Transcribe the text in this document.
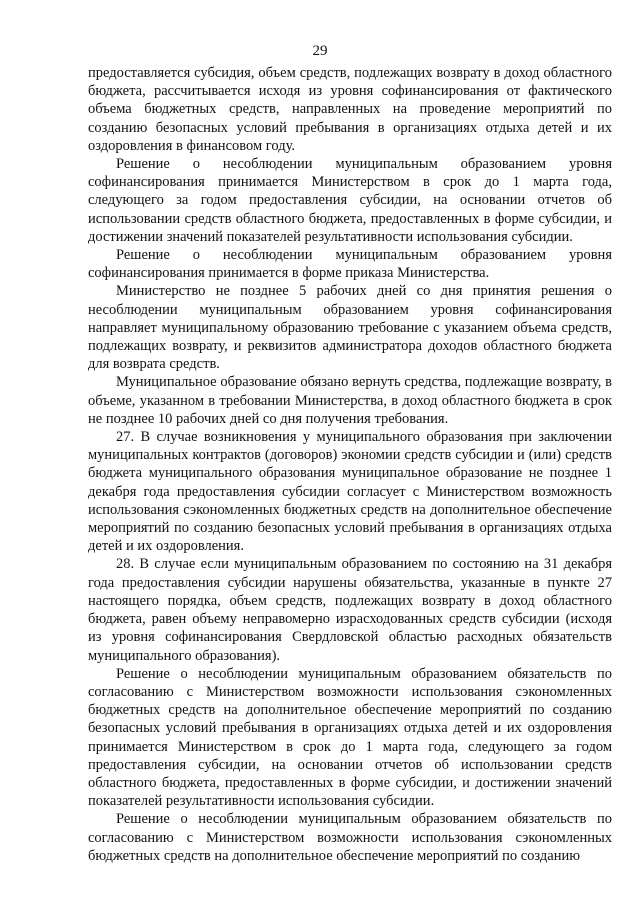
29

предоставляется субсидия, объем средств, подлежащих возврату в доход областного бюджета, рассчитывается исходя из уровня софинансирования от фактического объема бюджетных средств, направленных на проведение мероприятий по созданию безопасных условий пребывания в организациях отдыха детей и их оздоровления в финансовом году.

Решение о несоблюдении муниципальным образованием уровня софинансирования принимается Министерством в срок до 1 марта года, следующего за годом предоставления субсидии, на основании отчетов об использовании средств областного бюджета, предоставленных в форме субсидии, и достижении значений показателей результативности использования субсидии.

Решение о несоблюдении муниципальным образованием уровня софинансирования принимается в форме приказа Министерства.

Министерство не позднее 5 рабочих дней со дня принятия решения о несоблюдении муниципальным образованием уровня софинансирования направляет муниципальному образованию требование с указанием объема средств, подлежащих возврату, и реквизитов администратора доходов областного бюджета для возврата средств.

Муниципальное образование обязано вернуть средства, подлежащие возврату, в объеме, указанном в требовании Министерства, в доход областного бюджета в срок не позднее 10 рабочих дней со дня получения требования.

27. В случае возникновения у муниципального образования при заключении муниципальных контрактов (договоров) экономии средств субсидии и (или) средств бюджета муниципального образования муниципальное образование не позднее 1 декабря года предоставления субсидии согласует с Министерством возможность использования сэкономленных бюджетных средств на дополнительное обеспечение мероприятий по созданию безопасных условий пребывания в организациях отдыха детей и их оздоровления.

28. В случае если муниципальным образованием по состоянию на 31 декабря года предоставления субсидии нарушены обязательства, указанные в пункте 27 настоящего порядка, объем средств, подлежащих возврату в доход областного бюджета, равен объему неправомерно израсходованных средств субсидии (исходя из уровня софинансирования Свердловской областью расходных обязательств муниципального образования).

Решение о несоблюдении муниципальным образованием обязательств по согласованию с Министерством возможности использования сэкономленных бюджетных средств на дополнительное обеспечение мероприятий по созданию безопасных условий пребывания в организациях отдыха детей и их оздоровления принимается Министерством в срок до 1 марта года, следующего за годом предоставления субсидии, на основании отчетов об использовании средств областного бюджета, предоставленных в форме субсидии, и достижении значений показателей результативности использования субсидии.

Решение о несоблюдении муниципальным образованием обязательств по согласованию с Министерством возможности использования сэкономленных бюджетных средств на дополнительное обеспечение мероприятий по созданию
